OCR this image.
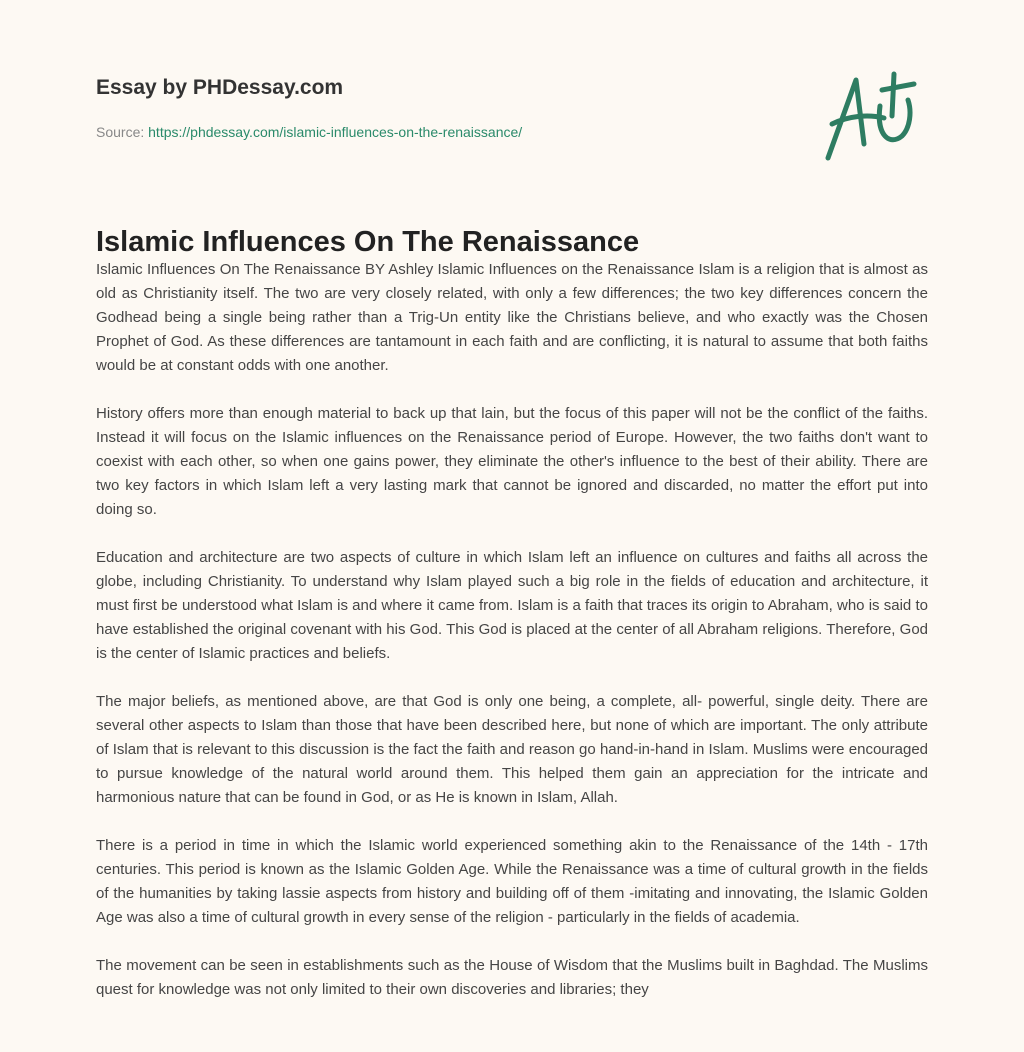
Essay by PHDessay.com
Source: https://phdessay.com/islamic-influences-on-the-renaissance/
Islamic Influences On The Renaissance

Islamic Influences On The Renaissance BY Ashley Islamic Influences on the Renaissance Islam is a religion that is almost as old as Christianity itself. The two are very closely related, with only a few differences; the two key differences concern the Godhead being a single being rather than a Trig-Un entity like the Christians believe, and who exactly was the Chosen Prophet of God. As these differences are tantamount in each faith and are conflicting, it is natural to assume that both faiths would be at constant odds with one another.

History offers more than enough material to back up that lain, but the focus of this paper will not be the conflict of the faiths. Instead it will focus on the Islamic influences on the Renaissance period of Europe. However, the two faiths don't want to coexist with each other, so when one gains power, they eliminate the other's influence to the best of their ability. There are two key factors in which Islam left a very lasting mark that cannot be ignored and discarded, no matter the effort put into doing so.

Education and architecture are two aspects of culture in which Islam left an influence on cultures and faiths all across the globe, including Christianity. To understand why Islam played such a big role in the fields of education and architecture, it must first be understood what Islam is and where it came from. Islam is a faith that traces its origin to Abraham, who is said to have established the original covenant with his God. This God is placed at the center of all Abraham religions. Therefore, God is the center of Islamic practices and beliefs.

The major beliefs, as mentioned above, are that God is only one being, a complete, all- powerful, single deity. There are several other aspects to Islam than those that have been described here, but none of which are important. The only attribute of Islam that is relevant to this discussion is the fact the faith and reason go hand-in-hand in Islam. Muslims were encouraged to pursue knowledge of the natural world around them. This helped them gain an appreciation for the intricate and harmonious nature that can be found in God, or as He is known in Islam, Allah.

There is a period in time in which the Islamic world experienced something akin to the Renaissance of the 14th - 17th centuries. This period is known as the Islamic Golden Age. While the Renaissance was a time of cultural growth in the fields of the humanities by taking lassie aspects from history and building off of them -imitating and innovating, the Islamic Golden Age was also a time of cultural growth in every sense of the religion - particularly in the fields of academia.

The movement can be seen in establishments such as the House of Wisdom that the Muslims built in Baghdad. The Muslims quest for knowledge was not only limited to their own discoveries and libraries; they
